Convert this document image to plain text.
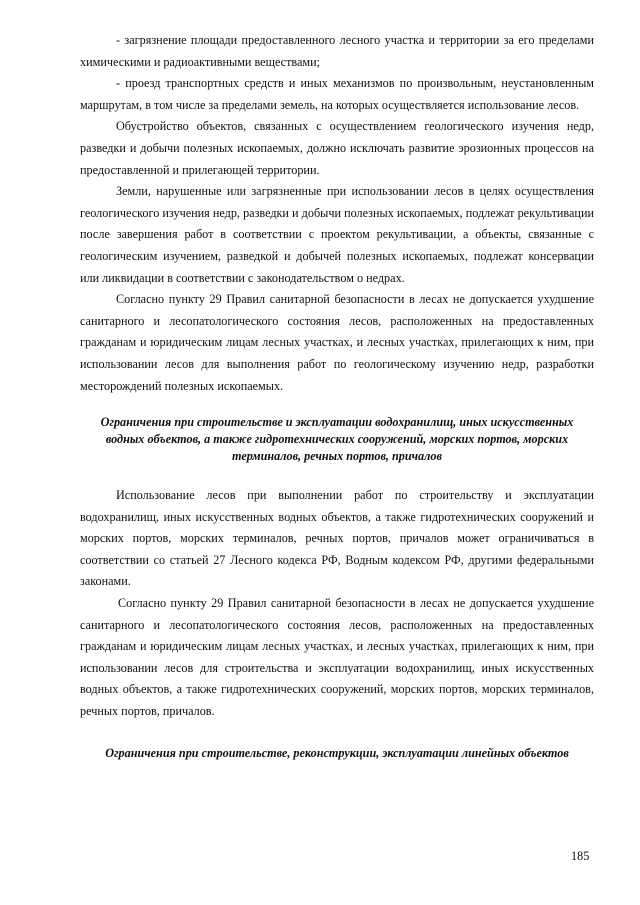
- загрязнение площади предоставленного лесного участка и территории за его пределами химическими и радиоактивными веществами;

- проезд транспортных средств и иных механизмов по произвольным, неустановленным маршрутам, в том числе за пределами земель, на которых осуществляется использование лесов.

Обустройство объектов, связанных с осуществлением геологического изучения недр, разведки и добычи полезных ископаемых, должно исключать развитие эрозионных процессов на предоставленной и прилегающей территории.

Земли, нарушенные или загрязненные при использовании лесов в целях осуществления геологического изучения недр, разведки и добычи полезных ископаемых, подлежат рекультивации после завершения работ в соответствии с проектом рекультивации, а объекты, связанные с геологическим изучением, разведкой и добычей полезных ископаемых, подлежат консервации или ликвидации в соответствии с законодательством о недрах.

Согласно пункту 29 Правил санитарной безопасности в лесах не допускается ухудшение санитарного и лесопатологического состояния лесов, расположенных на предоставленных гражданам и юридическим лицам лесных участках, и лесных участках, прилегающих к ним, при использовании лесов для выполнения работ по геологическому изучению недр, разработки месторождений полезных ископаемых.

Ограничения при строительстве и эксплуатации водохранилищ, иных искусственных водных объектов, а также гидротехнических сооружений, морских портов, морских терминалов, речных портов, причалов

Использование лесов при выполнении работ по строительству и эксплуатации водохранилищ, иных искусственных водных объектов, а также гидротехнических сооружений и морских портов, морских терминалов, речных портов, причалов может ограничиваться в соответствии со статьей 27 Лесного кодекса РФ, Водным кодексом РФ, другими федеральными законами.

Согласно пункту 29 Правил санитарной безопасности в лесах не допускается ухудшение санитарного и лесопатологического состояния лесов, расположенных на предоставленных гражданам и юридическим лицам лесных участках, и лесных участках, прилегающих к ним, при использовании лесов для строительства и эксплуатации водохранилищ, иных искусственных водных объектов, а также гидротехнических сооружений, морских портов, морских терминалов, речных портов, причалов.

Ограничения при строительстве, реконструкции, эксплуатации линейных объектов
185
